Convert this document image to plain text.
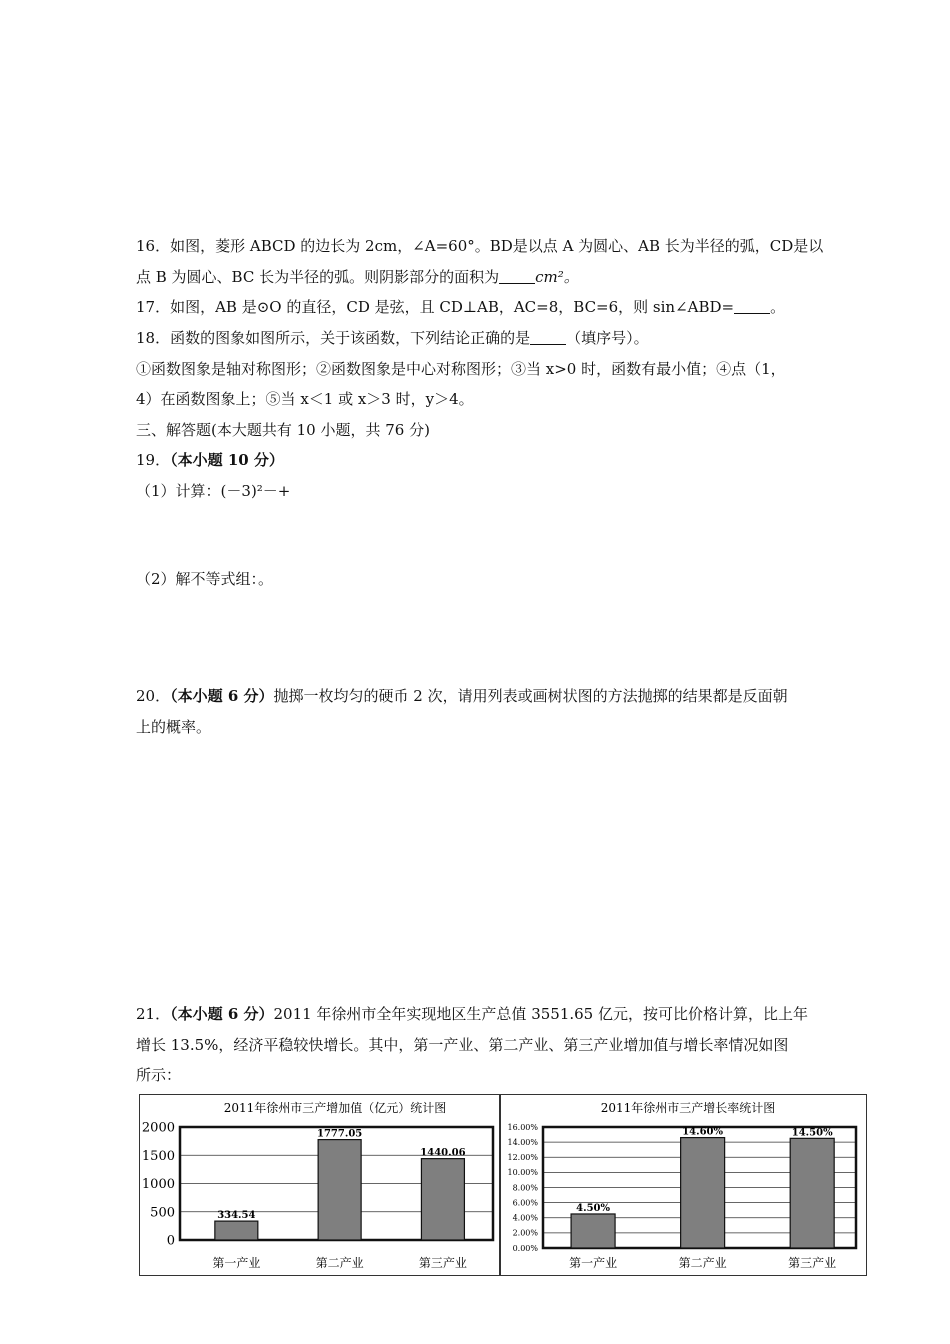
16．如图，菱形 ABCD 的边长为 2cm，∠A=60°。BD是以点 A 为圆心、AB 长为半径的弧，CD是以
点 B 为圆心、BC 长为半径的弧。则阴影部分的面积为 cm²。
17．如图，AB 是⊙O 的直径，CD 是弦，且 CD⊥AB，AC=8，BC=6，则 sin∠ABD= 。
18．函数的图象如图所示，关于该函数，下列结论正确的是 （填序号）。
①函数图象是轴对称图形；②函数图象是中心对称图形；③当 x>0 时，函数有最小值；④点（1，
4）在函数图象上；⑤当 x＜1 或 x＞3 时，y＞4。
三、解答题(本大题共有 10 小题，共 76 分)
19．（本小题 10 分）
（1）计算：(－3)²－+
（2）解不等式组：。
20．（本小题 6 分）抛掷一枚均匀的硬币 2 次，请用列表或画树状图的方法抛掷的结果都是反面朝
上的概率。
21．（本小题 6 分）2011 年徐州市全年实现地区生产总值 3551.65 亿元，按可比价格计算，比上年
增长 13.5%，经济平稳较快增长。其中，第一产业、第二产业、第三产业增加值与增长率情况如图
所示：
2011年徐州市三产增加值（亿元）统计图
0
500
1000
1500
2000
334.54
第一产业
1777.05
第二产业
1440.06
第三产业
2011年徐州市三产增长率统计图
0.00%
2.00%
4.00%
6.00%
8.00%
10.00%
12.00%
14.00%
16.00%
4.50%
第一产业
14.60%
第二产业
14.50%
第三产业
